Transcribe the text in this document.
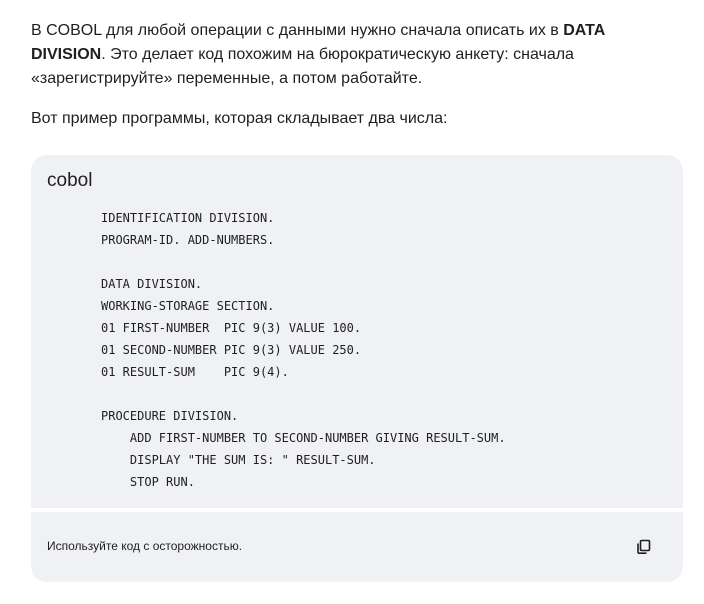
В COBOL для любой операции с данными нужно сначала описать их в DATA DIVISION. Это делает код похожим на бюрократическую анкету: сначала «зарегистрируйте» переменные, а потом работайте.

Вот пример программы, которая складывает два числа:

cobol
IDENTIFICATION DIVISION.
PROGRAM-ID. ADD-NUMBERS.
DATA DIVISION.
WORKING-STORAGE SECTION.
01 FIRST-NUMBER  PIC 9(3) VALUE 100.
01 SECOND-NUMBER PIC 9(3) VALUE 250.
01 RESULT-SUM    PIC 9(4).
PROCEDURE DIVISION.
ADD FIRST-NUMBER TO SECOND-NUMBER GIVING RESULT-SUM.
DISPLAY "THE SUM IS: " RESULT-SUM.
STOP RUN.
Используйте код с осторожностью.
